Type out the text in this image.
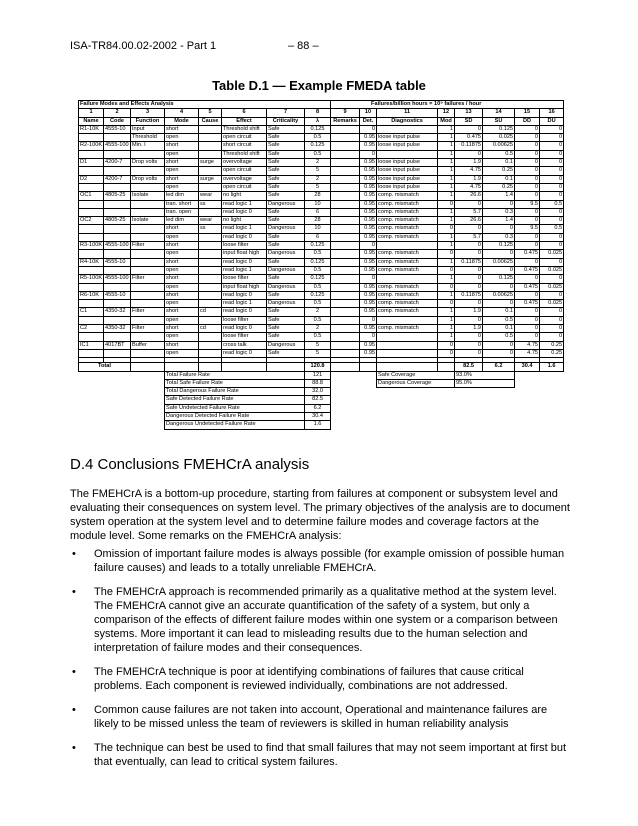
ISA-TR84.00.02-2002 - Part 1	– 88 –
Table D.1 — Example FMEDA table
Failure Modes and Effects Analysis								Failures/billion hours = 10⁹ failures / hour							
1	2	3	4	5	6	7	8	9	10	11	12	13	14	15	16
Name	Code	Function	Mode	Cause	Effect	Criticality	λ	Remarks	Det.	Diagnostics	Mod	SD	SU	DD	DU
R1-10K	4555-10	Input	short		Threshold shift	Safe	0.125		0		1	0	0.125	0	0
		Threshold	open		open circuit	Safe	0.5		0.95	loose input pulse	1	0.475	0.025	0	0
R2-100K	4555-100	Min. I	short		short circuit	Safe	0.125		0.95	loose input pulse	1	0.11875	0.00625	0	0
			open		Threshold shift	Safe	0.5		0		1	0	0.5	0	0
D1	4200-7	Drop volts	short	surge	overvoltage	Safe	2		0.95	loose input pulse	1	1.9	0.1	0	0
			open		open circuit	Safe	5		0.95	loose input pulse	1	4.75	0.25	0	0
D2	4200-7	Drop volts	short	surge	overvoltage	Safe	2		0.95	loose input pulse	1	1.9	0.1	0	0
			open		open circuit	Safe	5		0.95	loose input pulse	1	4.75	0.25	0	0
OC1	4805-25	Isolate	led dim	wear	no light	Safe	28		0.95	comp. mismatch	1	26.6	1.4	0	0
			tran. short	ss	read logic 1	Dangerous	10		0.95	comp. mismatch	0	0	0	9.5	0.5
			tran. open		read logic 0	Safe	6		0.95	comp. mismatch	1	5.7	0.3	0	0
OC2	4805-25	Isolate	led dim	wear	no light	Safe	28		0.95	comp. mismatch	1	26.6	1.4	0	0
			short	ss	read logic 1	Dangerous	10		0.95	comp. mismatch	0	0	0	9.5	0.5
			open		read logic 0	Safe	6		0.95	comp. mismatch	1	5.7	0.3	0	0
R3-100K	4555-100	Filter	short		loose filter	Safe	0.125		0		1	0	0.125	0	0
			open		input float high	Dangerous	0.5		0.95	comp. mismatch	0	0	0	0.475	0.025
R4-10K	4555-10		short		read logic 0	Safe	0.125		0.95	comp. mismatch	1	0.11875	0.00625	0	0
			open		read logic 1	Dangerous	0.5		0.95	comp. mismatch	0	0	0	0.475	0.025
R5-100K	4555-100	Filter	short		loose filter	Safe	0.125		0		1	0	0.125	0	0
			open		input float high	Dangerous	0.5		0.95	comp. mismatch	0	0	0	0.475	0.025
R6-10K	4555-10		short		read logic 0	Safe	0.125		0.95	comp. mismatch	1	0.11875	0.00625	0	0
			open		read logic 1	Dangerous	0.5		0.95	comp. mismatch	0	0	0	0.475	0.025
C1	4350-32	Filter	short	cd	read logic 0	Safe	2		0.95	comp. mismatch	1	1.9	0.1	0	0
			open		loose filter	Safe	0.5		0		1	0	0.5	0	0
C2	4350-32	Filter	short	cd	read logic 0	Safe	2		0.95	comp. mismatch	1	1.9	0.1	0	0
			open		loose filter	Safe	0.5		0		1	0	0.5	0	0
IC1	4017BT	Buffer	short		cross talk	Dangerous	5		0.95		0	0	0	4.75	0.25
			open		read logic 0	Safe	5		0.95		0	0	0	4.75	0.25

Total							120.8					82.5	6.2	30.4	1.6
			Total Failure Rate				121			Safe Coverage		93.0%			
			Total Safe Failure Rate				88.8			Dangerous Coverage		95.0%			
			Total Dangerous Failure Rate				32.0								
			Safe Detected Failure Rate				82.5								
			Safe Undetected Failure Rate				6.2								
			Dangerous Detected Failure Rate				30.4								
			Dangerous Undetected Failure Rate				1.6								
D.4 Conclusions FMEHCrA analysis
The FMEHCrA is a bottom-up procedure, starting from failures at component or subsystem level and evaluating their consequences on system level. The primary objectives of the analysis are to document system operation at the system level and to determine failure modes and coverage factors at the module level. Some remarks on the FMEHCrA analysis:
• Omission of important failure modes is always possible (for example omission of possible human failure causes) and leads to a totally unreliable FMEHCrA.
• The FMEHCrA approach is recommended primarily as a qualitative method at the system level. The FMEHCrA cannot give an accurate quantification of the safety of a system, but only a comparison of the effects of different failure modes within one system or a comparison between systems. More important it can lead to misleading results due to the human selection and interpretation of failure modes and their consequences.
• The FMEHCrA technique is poor at identifying combinations of failures that cause critical problems. Each component is reviewed individually, combinations are not addressed.
• Common cause failures are not taken into account, Operational and maintenance failures are likely to be missed unless the team of reviewers is skilled in human reliability analysis
• The technique can best be used to find that small failures that may not seem important at first but that eventually, can lead to critical system failures.
